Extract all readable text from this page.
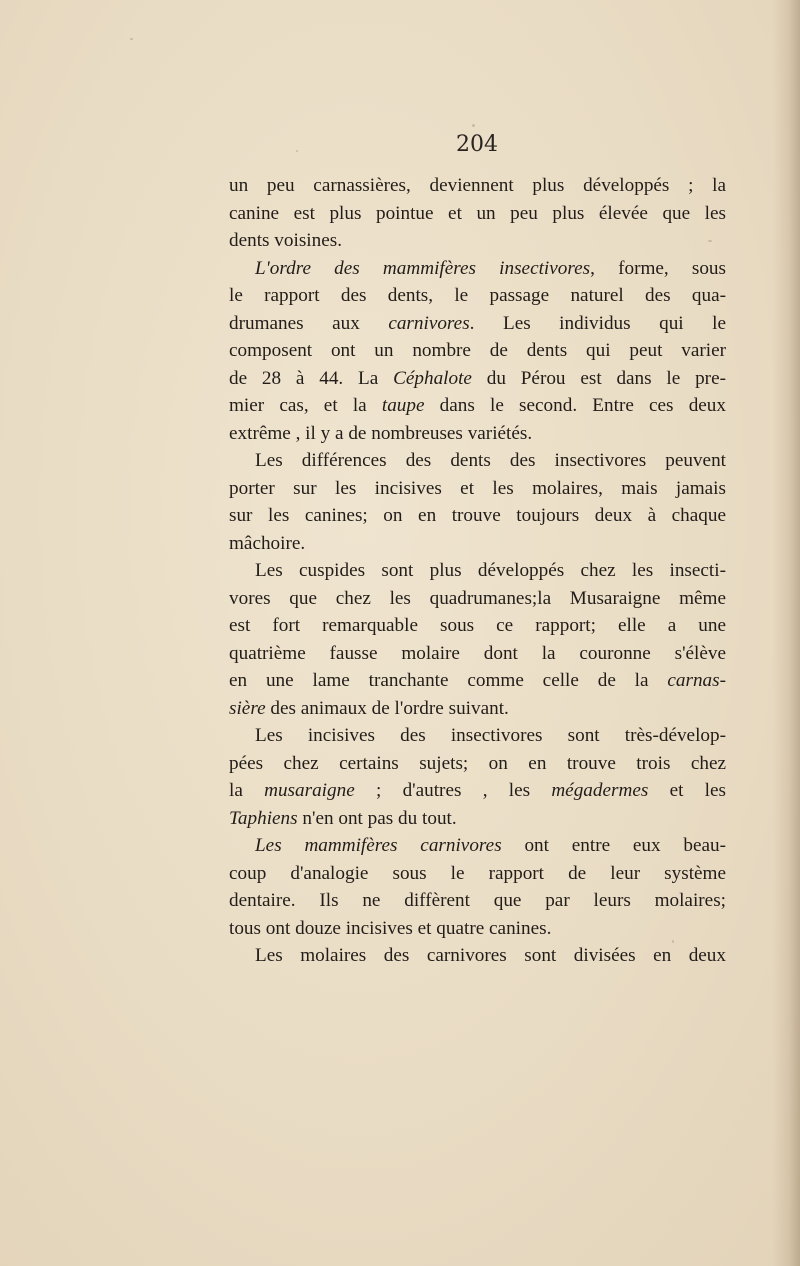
204
un peu carnassières, deviennent plus développés ; la
canine est plus pointue et un peu plus élevée que les
dents voisines.
L'ordre des mammifères insectivores, forme, sous
le rapport des dents, le passage naturel des qua-
drumanes aux carnivores. Les individus qui le
composent ont un nombre de dents qui peut varier
de 28 à 44. La Céphalote du Pérou est dans le pre-
mier cas, et la taupe dans le second. Entre ces deux
extrême , il y a de nombreuses variétés.
Les différences des dents des insectivores peuvent
porter sur les incisives et les molaires, mais jamais
sur les canines; on en trouve toujours deux à chaque
mâchoire.
Les cuspides sont plus développés chez les insecti-
vores que chez les quadrumanes;la Musaraigne même
est fort remarquable sous ce rapport; elle a une
quatrième fausse molaire dont la couronne s'élève
en une lame tranchante comme celle de la carnas-
sière des animaux de l'ordre suivant.
Les incisives des insectivores sont très-dévelop-
pées chez certains sujets; on en trouve trois chez
la musaraigne ; d'autres , les mégadermes et les
Taphiens n'en ont pas du tout.
Les mammifères carnivores ont entre eux beau-
coup d'analogie sous le rapport de leur système
dentaire. Ils ne diffèrent que par leurs molaires;
tous ont douze incisives et quatre canines.
Les molaires des carnivores sont divisées en deux
